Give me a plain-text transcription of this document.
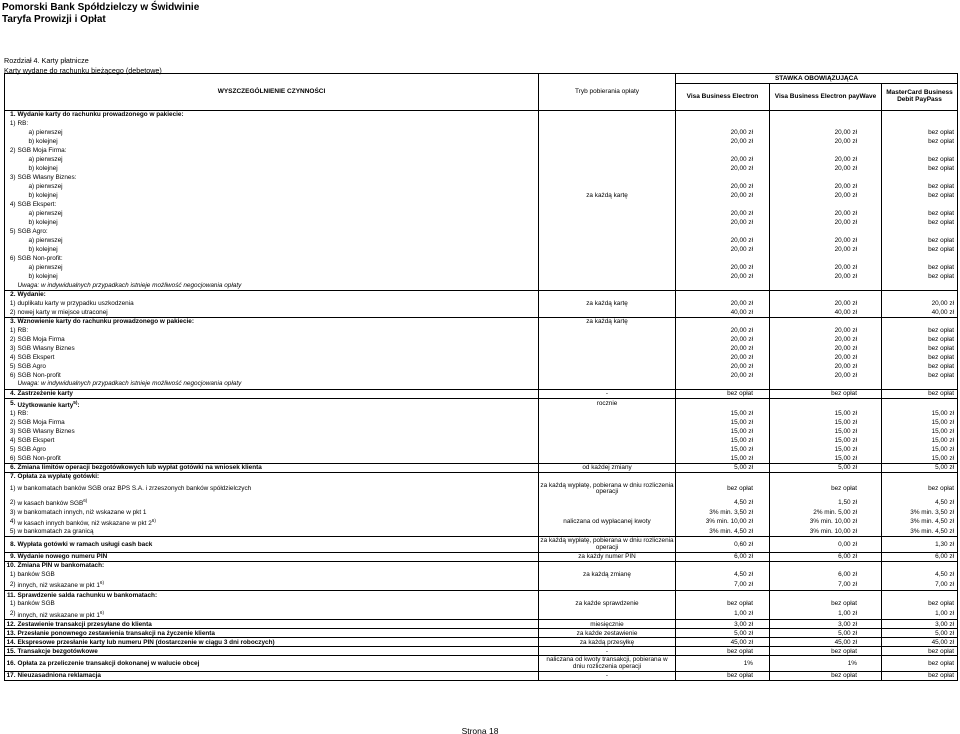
Pomorski Bank Spółdzielczy w Świdwinie
Taryfa Prowizji i Opłat
Rozdział 4. Karty płatnicze
Karty wydane do rachunku bieżącego (debetowe)
WYSZCZEGÓLNIENIE CZYNNOŚCI		Tryb pobierania opłaty	STAWKA OBOWIĄZUJĄCA		
			Visa Business Electron	Visa Business Electron payWave	MasterCard Business Debit PayPass

1.	Wydanie karty do rachunku prowadzonego w pakiecie:				
1)	RB:				
	a) pierwszej		20,00 zł	20,00 zł	bez opłat
	b) kolejnej		20,00 zł	20,00 zł	bez opłat
2)	SGB Moja Firma:				
	a) pierwszej		20,00 zł	20,00 zł	bez opłat
	b) kolejnej		20,00 zł	20,00 zł	bez opłat
3)	SGB Własny Biznes:				
	a) pierwszej		20,00 zł	20,00 zł	bez opłat
	b) kolejnej	za każdą kartę	20,00 zł	20,00 zł	bez opłat
4)	SGB Ekspert:				
	a) pierwszej		20,00 zł	20,00 zł	bez opłat
	b) kolejnej		20,00 zł	20,00 zł	bez opłat
5)	SGB Agro:				
	a) pierwszej		20,00 zł	20,00 zł	bez opłat
	b) kolejnej		20,00 zł	20,00 zł	bez opłat
6)	SGB Non-profit:				
	a) pierwszej		20,00 zł	20,00 zł	bez opłat
	b) kolejnej		20,00 zł	20,00 zł	bez opłat
	Uwaga: w indywidualnych przypadkach istnieje możliwość negocjowania opłaty				
2.	Wydanie:				
1)	duplikatu karty w przypadku uszkodzenia	za każdą kartę	20,00 zł	20,00 zł	20,00 zł
2)	nowej karty w miejsce utraconej		40,00 zł	40,00 zł	40,00 zł
3.	Wznowienie karty do rachunku prowadzonego w pakiecie:	za każdą kartę			
1)	RB:		20,00 zł	20,00 zł	bez opłat
2)	SGB Moja Firma		20,00 zł	20,00 zł	bez opłat
3)	SGB Własny Biznes		20,00 zł	20,00 zł	bez opłat
4)	SGB Ekspert		20,00 zł	20,00 zł	bez opłat
5)	SGB Agro		20,00 zł	20,00 zł	bez opłat
6)	SGB Non-profit		20,00 zł	20,00 zł	bez opłat
	Uwaga: w indywidualnych przypadkach istnieje możliwość negocjowania opłaty				
4.	Zastrzeżenie karty	-	bez opłat	bez opłat	bez opłat
5.	Użytkowanie karty$^{5)}$:	rocznie			
1)	RB:		15,00 zł	15,00 zł	15,00 zł
2)	SGB Moja Firma		15,00 zł	15,00 zł	15,00 zł
3)	SGB Własny Biznes		15,00 zł	15,00 zł	15,00 zł
4)	SGB Ekspert		15,00 zł	15,00 zł	15,00 zł
5)	SGB Agro		15,00 zł	15,00 zł	15,00 zł
6)	SGB Non-profit		15,00 zł	15,00 zł	15,00 zł
6.	Zmiana limitów operacji bezgotówkowych lub wypłat gotówki na wniosek klienta	od każdej zmiany	5,00 zł	5,00 zł	5,00 zł
7.	Opłata za wypłatę gotówki:				
1)	w bankomatach banków SGB oraz BPS S.A. i zrzeszonych banków spółdzielczych	za każdą wypłatę, pobierana w dniu rozliczenia operacji	bez opłat	bez opłat	bez opłat
2)	w kasach banków SGB$^{6)}$		4,50 zł	1,50 zł	4,50 zł
3)	w bankomatach innych, niż wskazane w pkt 1		3% min. 3,50 zł	2% min. 5,00 zł	3% min. 3,50 zł
4)	w kasach innych banków, niż wskazane w pkt 2$^{6)}$	naliczana od wypłacanej kwoty	3% min. 10,00 zł	3% min. 10,00 zł	3% min. 4,50 zł
5)	w bankomatach za granicą		3% min. 4,50 zł	3% min. 10,00 zł	3% min. 4,50 zł
8.	Wypłata gotówki w ramach usługi cash back	za każdą wypłatę, pobierana w dniu rozliczenia operacji	0,60 zł	0,00 zł	1,30 zł
9.	Wydanie nowego numeru PIN	za każdy numer PIN	6,00 zł	6,00 zł	6,00 zł
10.	Zmiana PIN w bankomatach:				
1)	banków SGB	za każdą zmianę	4,50 zł	6,00 zł	4,50 zł
2)	innych, niż wskazane w pkt 1$^{6)}$		7,00 zł	7,00 zł	7,00 zł
11.	Sprawdzenie salda rachunku w bankomatach:				
1)	banków SGB	za każde sprawdzenie	bez opłat	bez opłat	bez opłat
2)	innych, niż wskazane w pkt 1$^{6)}$		1,00 zł	1,00 zł	1,00 zł
12.	Zestawienie transakcji przesyłane do klienta	miesięcznie	3,00 zł	3,00 zł	3,00 zł
13.	Przesłanie ponownego zestawienia transakcji na życzenie klienta	za każde zestawienie	5,00 zł	5,00 zł	5,00 zł
14.	Ekspresowe przesłanie karty lub numeru PIN (dostarczenie w ciągu 3 dni roboczych)	za każdą przesyłkę	45,00 zł	45,00 zł	45,00 zł
15.	Transakcje bezgotówkowe	-	bez opłat	bez opłat	bez opłat
16.	Opłata za przeliczenie transakcji dokonanej w walucie obcej	naliczana od kwoty transakcji, pobierana w dniu rozliczenia operacji	1%	1%	bez opłat
17.	Nieuzasadniona reklamacja	-	bez opłat	bez opłat	bez opłat
Strona 18
